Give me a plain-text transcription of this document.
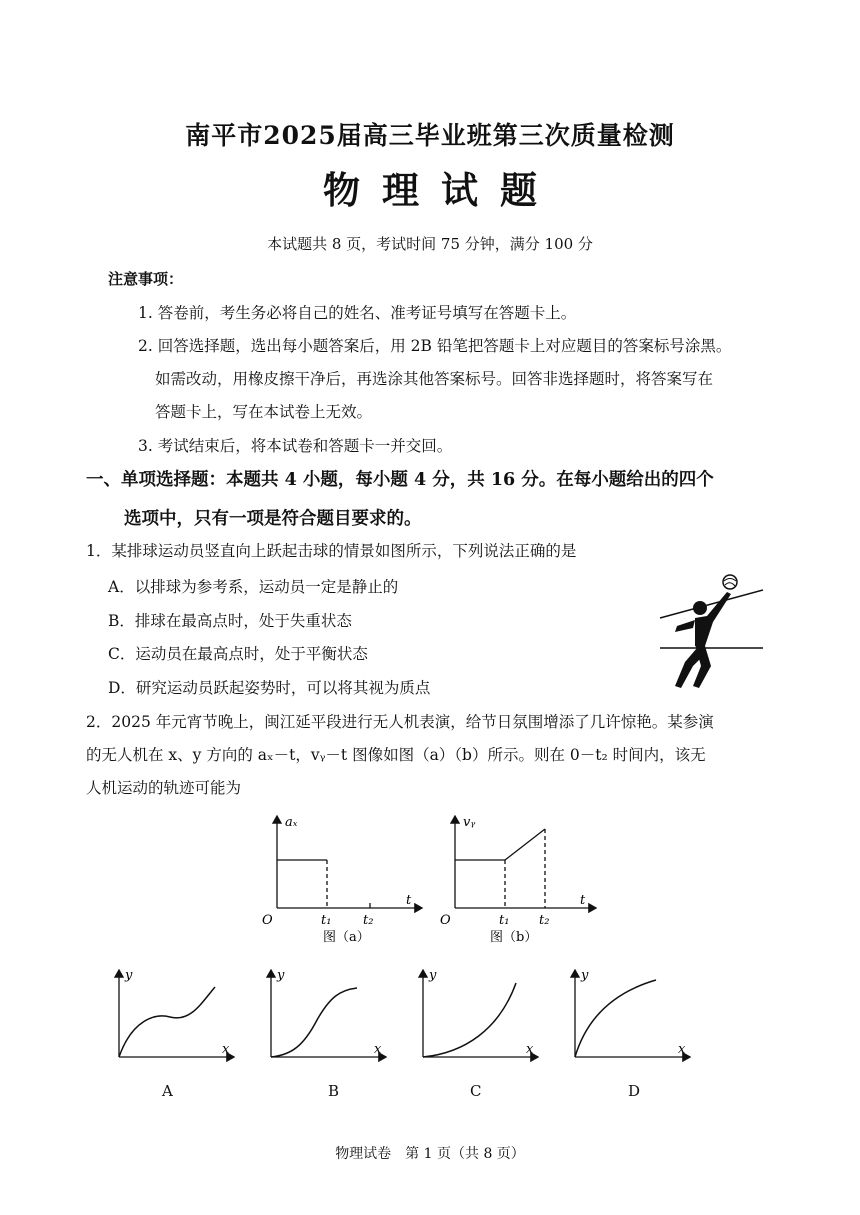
南平市2025届高三毕业班第三次质量检测
物理试题
本试题共 8 页，考试时间 75 分钟，满分 100 分
注意事项：
1. 答卷前，考生务必将自己的姓名、准考证号填写在答题卡上。
2. 回答选择题，选出每小题答案后，用 2B 铅笔把答题卡上对应题目的答案标号涂黑。
如需改动，用橡皮擦干净后，再选涂其他答案标号。回答非选择题时，将答案写在
答题卡上，写在本试卷上无效。
3. 考试结束后，将本试卷和答题卡一并交回。
一、单项选择题：本题共 4 小题，每小题 4 分，共 16 分。在每小题给出的四个
选项中，只有一项是符合题目要求的。
1．某排球运动员竖直向上跃起击球的情景如图所示，下列说法正确的是
A．以排球为参考系，运动员一定是静止的
B．排球在最高点时，处于失重状态
C．运动员在最高点时，处于平衡状态
D．研究运动员跃起姿势时，可以将其视为质点
2．2025 年元宵节晚上，闽江延平段进行无人机表演，给节日氛围增添了几许惊艳。某参演
的无人机在 x、y 方向的 aₓ－t，vᵧ－t 图像如图（a）（b）所示。则在 0－t₂ 时间内，该无
人机运动的轨迹可能为
aₓ
t
O	t₁ t₂
图（a）
vᵧ
t
O	t₁ t₂
图（b）
y
x
A
y
x
B
y
x
C
y
x
D
物理试卷　第 1 页（共 8 页）
